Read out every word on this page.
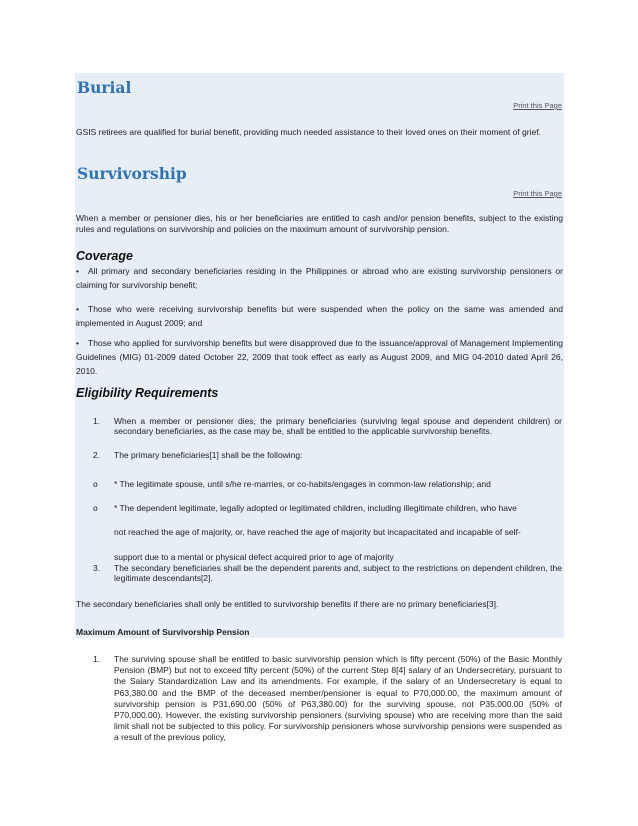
Burial
Print this Page

GSIS retirees are qualified for burial benefit, providing much needed assistance to their loved ones on their moment of grief.

Survivorship
Print this Page

When a member or pensioner dies, his or her beneficiaries are entitled to cash and/or pension benefits, subject to the existing rules and regulations on survivorship and policies on the maximum amount of survivorship pension.

Coverage

• All primary and secondary beneficiaries residing in the Philippines or abroad who are existing survivorship pensioners or claiming for survivorship benefit;

• Those who were receiving survivorship benefits but were suspended when the policy on the same was amended and implemented in August 2009; and

• Those who applied for survivorship benefits but were disapproved due to the issuance/approval of Management Implementing Guidelines (MIG) 01-2009 dated October 22, 2009 that took effect as early as August 2009, and MIG 04-2010 dated April 26, 2010.

Eligibility Requirements
1.	When a member or pensioner dies, the primary beneficiaries (surviving legal spouse and dependent children) or secondary beneficiaries, as the case may be, shall be entitled to the applicable survivorship benefits.

2.	The primary beneficiaries[1] shall be the following:

o * The legitimate spouse, until s/he re-marries, or co-habits/engages in common-law relationship; and

o * The dependent legitimate, legally adopted or legitimated children, including illegitimate children, who have

not reached the age of majority, or, have reached the age of majority but incapacitated and incapable of self-

support due to a mental or physical defect acquired prior to age of majority

3.	The secondary beneficiaries shall be the dependent parents and, subject to the restrictions on dependent children, the legitimate descendants[2].

The secondary beneficiaries shall only be entitled to survivorship benefits if there are no primary beneficiaries[3].

Maximum Amount of Survivorship Pension

1.	The surviving spouse shall be entitled to basic survivorship pension which is fifty percent (50%) of the Basic Monthly Pension (BMP) but not to exceed fifty percent (50%) of the current Step 8[4] salary of an Undersecretary, pursuant to the Salary Standardization Law and its amendments. For example, if the salary of an Undersecretary is equal to P63,380.00 and the BMP of the deceased member/pensioner is equal to P70,000.00, the maximum amount of survivorship pension is P31,690.00 (50% of P63,380.00) for the surviving spouse, not P35,000.00 (50% of P70,000.00). However, the existing survivorship pensioners (surviving spouse) who are receiving more than the said limit shall not be subjected to this policy. For survivorship pensioners whose survivorship pensions were suspended as a result of the previous policy,
